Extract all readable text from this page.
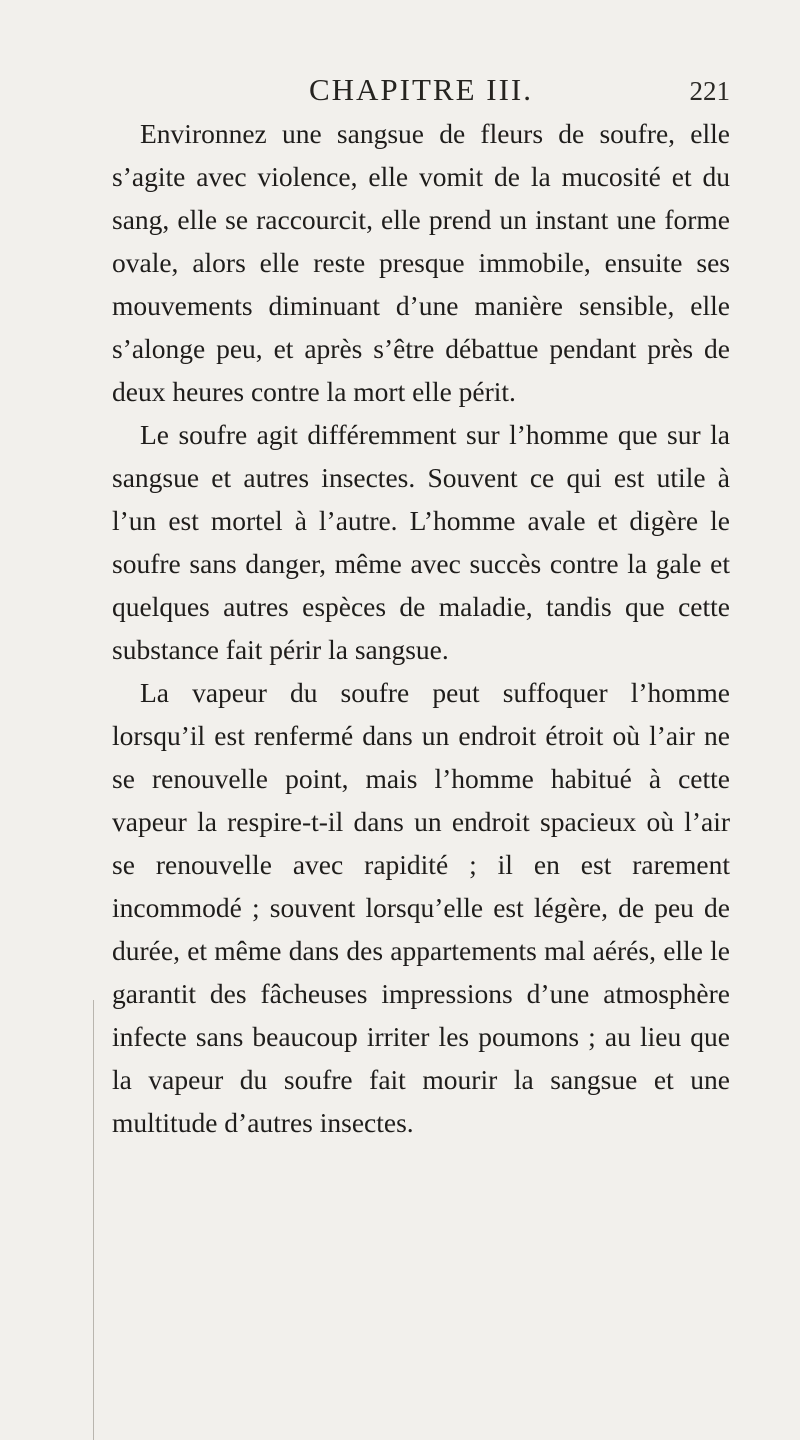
CHAPITRE III.	221

Environnez une sangsue de fleurs de soufre, elle s’agite avec violence, elle vomit de la mucosité et du sang, elle se raccourcit, elle prend un instant une forme ovale, alors elle reste presque immobile, ensuite ses mouvements diminuant d’une manière sensible, elle s’alonge peu, et après s’être débattue pendant près de deux heures contre la mort elle périt.

Le soufre agit différemment sur l’homme que sur la sangsue et autres insectes. Souvent ce qui est utile à l’un est mortel à l’autre. L’homme avale et digère le soufre sans danger, même avec succès contre la gale et quelques autres espèces de maladie, tandis que cette substance fait périr la sangsue.

La vapeur du soufre peut suffoquer l’homme lorsqu’il est renfermé dans un endroit étroit où l’air ne se renouvelle point, mais l’homme habitué à cette vapeur la respire-t-il dans un endroit spacieux où l’air se renouvelle avec rapidité ; il en est rarement incommodé ; souvent lorsqu’elle est légère, de peu de durée, et même dans des appartements mal aérés, elle le garantit des fâcheuses impressions d’une atmosphère infecte sans beaucoup irriter les poumons ; au lieu que la vapeur du soufre fait mourir la sangsue et une multitude d’autres insectes.
